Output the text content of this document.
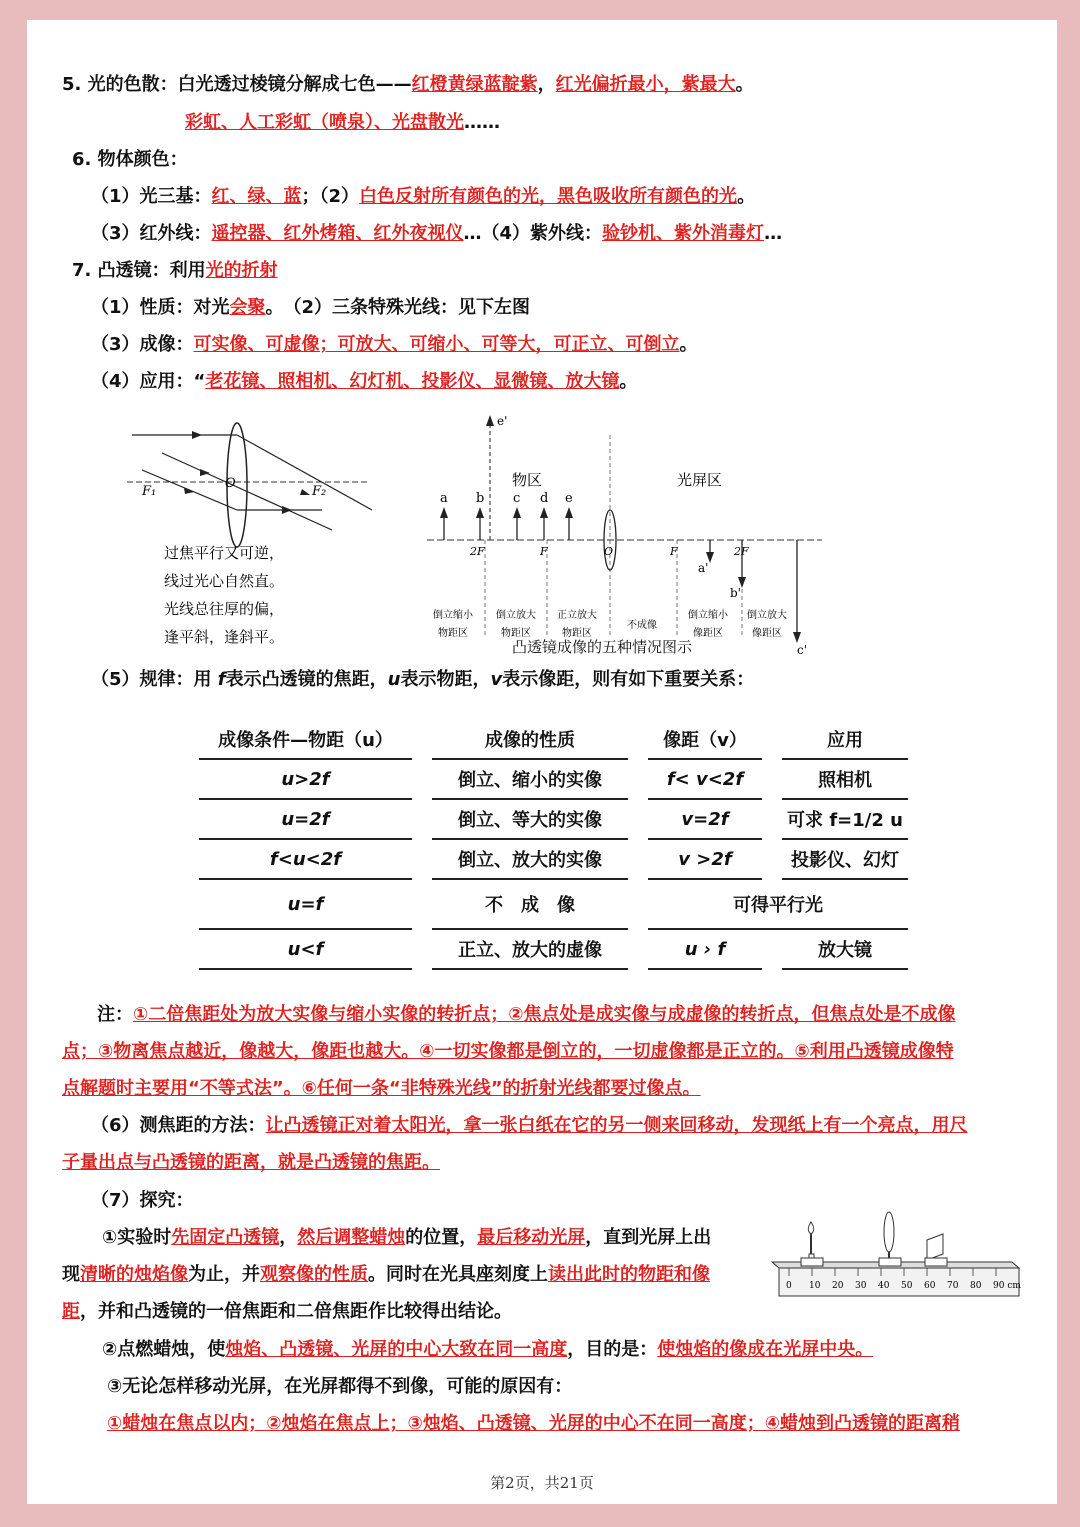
5. 光的色散：白光透过棱镜分解成七色——红橙黄绿蓝靛紫，红光偏折最小，紫最大。
彩虹、人工彩虹（喷泉）、光盘散光……
6. 物体颜色：
（1）光三基：红、绿、蓝；（2）白色反射所有颜色的光，黑色吸收所有颜色的光。
（3）红外线：遥控器、红外烤箱、红外夜视仪…（4）紫外线：验钞机、紫外消毒灯…
7. 凸透镜：利用光的折射
（1）性质：对光会聚。　（2）三条特殊光线：见下左图
（3）成像：可实像、可虚像；可放大、可缩小、可等大，可正立、可倒立。
（4）应用：“老花镜、照相机、幻灯机、投影仪、显微镜、放大镜。
F₁
O
F₂
过焦平行又可逆，
线过光心自然直。
光线总往厚的偏，
逢平斜，逢斜平。
e'
物区	光屏区
a b c d e
2F	F	O	F	2F
a'
b'
c'
倒立缩小
物距区
倒立放大
物距区
正立放大
物距区
不成像
倒立缩小
像距区
倒立放大
像距区
凸透镜成像的五种情况图示
（5）规律：用 f表示凸透镜的焦距，u表示物距，v表示像距，则有如下重要关系：
成像条件—物距（u）	成像的性质	像距（v）	应用
u>2f	倒立、缩小的实像	f< v<2f	照相机
u=2f	倒立、等大的实像	v=2f	可求 f=1/2 u
f<u<2f	倒立、放大的实像	v >2f	投影仪、幻灯
u=f	不　成　像	可得平行光	
u<f	正立、放大的虚像	u › f	放大镜
注：①二倍焦距处为放大实像与缩小实像的转折点；②焦点处是成实像与成虚像的转折点，但焦点处是不成像
点；③物离焦点越近，像越大，像距也越大。④一切实像都是倒立的，一切虚像都是正立的。⑤利用凸透镜成像特
点解题时主要用“不等式法”。⑥任何一条“非特殊光线”的折射光线都要过像点。
（6）测焦距的方法：让凸透镜正对着太阳光，拿一张白纸在它的另一侧来回移动，发现纸上有一个亮点，用尺
子量出点与凸透镜的距离，就是凸透镜的焦距。
（7）探究：
①实验时先固定凸透镜，然后调整蜡烛的位置，最后移动光屏，直到光屏上出
现清晰的烛焰像为止，并观察像的性质。同时在光具座刻度上读出此时的物距和像
距，并和凸透镜的一倍焦距和二倍焦距作比较得出结论。
②点燃蜡烛，使烛焰、凸透镜、光屏的中心大致在同一高度，目的是：使烛焰的像成在光屏中央。
③无论怎样移动光屏，在光屏都得不到像，可能的原因有：
①蜡烛在焦点以内；②烛焰在焦点上；③烛焰、凸透镜、光屏的中心不在同一高度；④蜡烛到凸透镜的距离稍
0 10 20 30 40 50 60 70 80 90 cm
第2页，共21页
